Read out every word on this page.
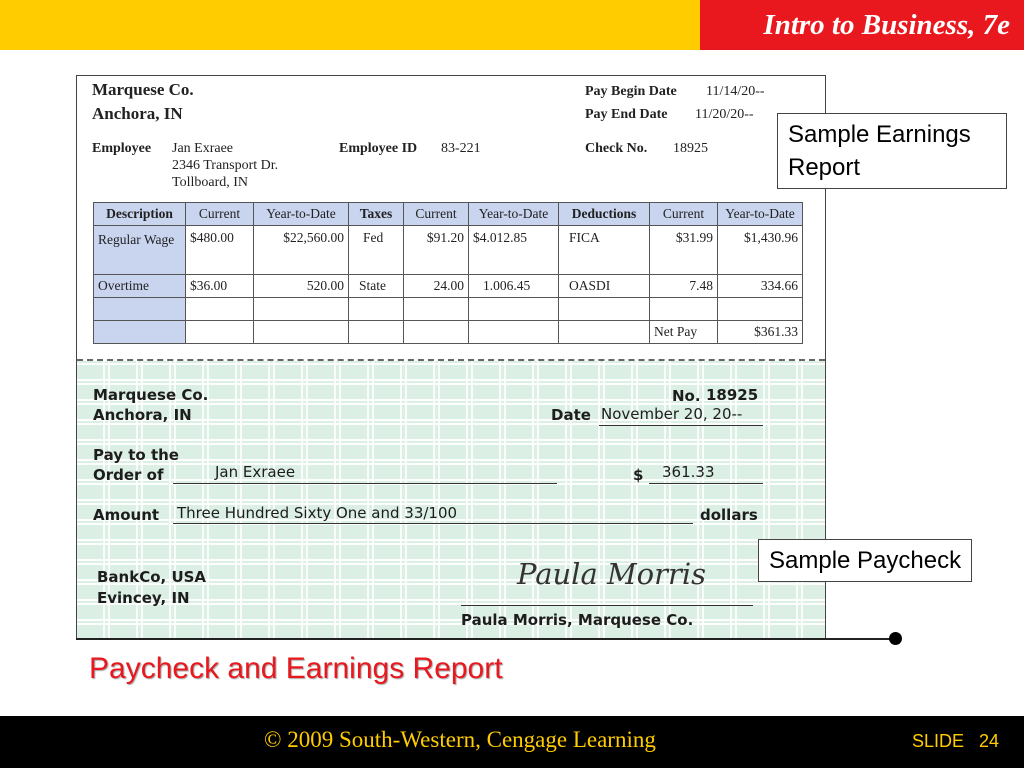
Intro to Business, 7e
Marquese Co.
Anchora, IN
Pay Begin Date 11/14/20--
Pay End Date 11/20/20--
Employee Jan Exraee
2346 Transport Dr.
Tollboard, IN
Employee ID 83-221	Check No. 18925
Description	Current	Year-to-Date	Taxes	Current	Year-to-Date	Deductions	Current	Year-to-Date
Regular Wage	$480.00	$22,560.00	Fed	$91.20	$4.012.85	FICA	$31.99	$1,430.96
Overtime	$36.00	520.00	State	24.00	1.006.45	OASDI	7.48	334.66

							Net Pay	$361.33
Marquese Co.
Anchora, IN
No. 18925
Date November 20, 20--
Pay to the
Order of	Jan Exraee	$ 361.33
Amount Three Hundred Sixty One and 33/100	dollars
BankCo, USA
Evincey, IN
Paula Morris
Paula Morris, Marquese Co.
Sample Earnings Report
Sample Paycheck
Paycheck and Earnings Report
© 2009 South-Western, Cengage Learning	SLIDE 24
